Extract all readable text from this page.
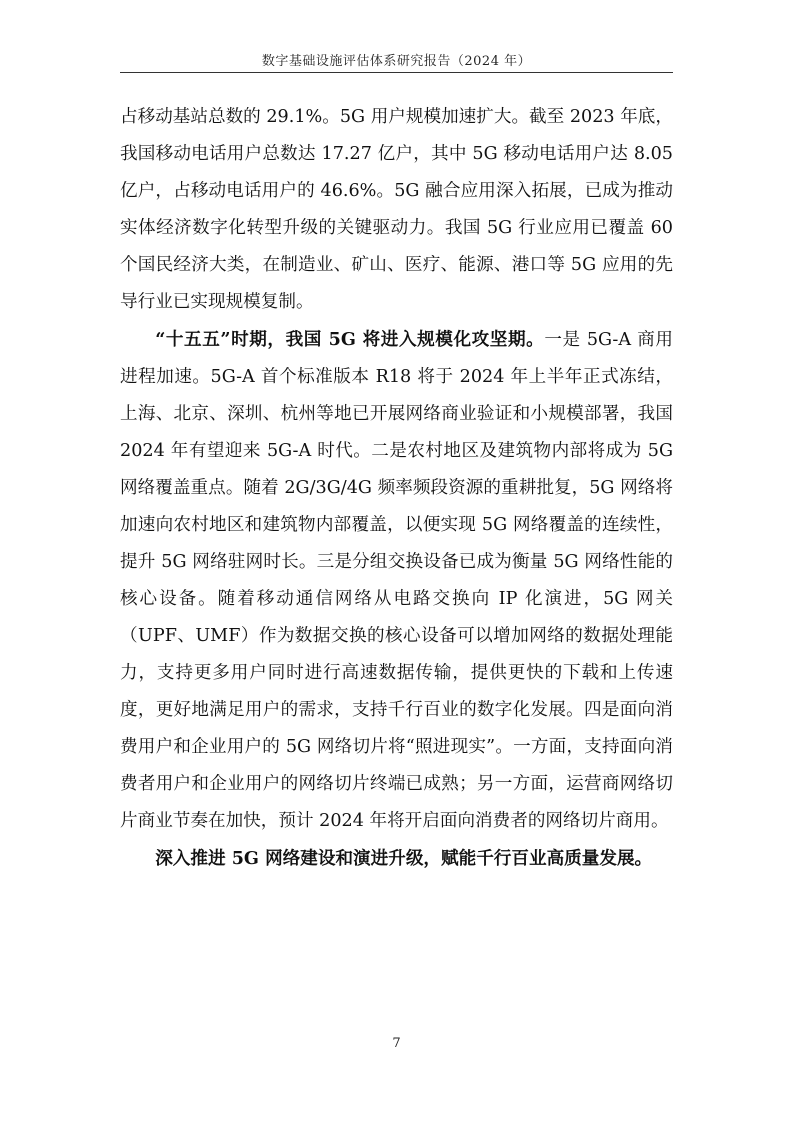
数字基础设施评估体系研究报告（2024 年）

占移动基站总数的 29.1%。5G 用户规模加速扩大。截至 2023 年底，我国移动电话用户总数达 17.27 亿户，其中 5G 移动电话用户达 8.05 亿户，占移动电话用户的 46.6%。5G 融合应用深入拓展，已成为推动实体经济数字化转型升级的关键驱动力。我国 5G 行业应用已覆盖 60 个国民经济大类，在制造业、矿山、医疗、能源、港口等 5G 应用的先导行业已实现规模复制。

“十五五”时期，我国 5G 将进入规模化攻坚期。一是 5G-A 商用进程加速。5G-A 首个标准版本 R18 将于 2024 年上半年正式冻结，上海、北京、深圳、杭州等地已开展网络商业验证和小规模部署，我国 2024 年有望迎来 5G-A 时代。二是农村地区及建筑物内部将成为 5G 网络覆盖重点。随着 2G/3G/4G 频率频段资源的重耕批复，5G 网络将加速向农村地区和建筑物内部覆盖，以便实现 5G 网络覆盖的连续性，提升 5G 网络驻网时长。三是分组交换设备已成为衡量 5G 网络性能的核心设备。随着移动通信网络从电路交换向 IP 化演进，5G 网关（UPF、UMF）作为数据交换的核心设备可以增加网络的数据处理能力，支持更多用户同时进行高速数据传输，提供更快的下载和上传速度，更好地满足用户的需求，支持千行百业的数字化发展。四是面向消费用户和企业用户的 5G 网络切片将“照进现实”。一方面，支持面向消费者用户和企业用户的网络切片终端已成熟；另一方面，运营商网络切片商业节奏在加快，预计 2024 年将开启面向消费者的网络切片商用。

深入推进 5G 网络建设和演进升级，赋能千行百业高质量发展。

7
